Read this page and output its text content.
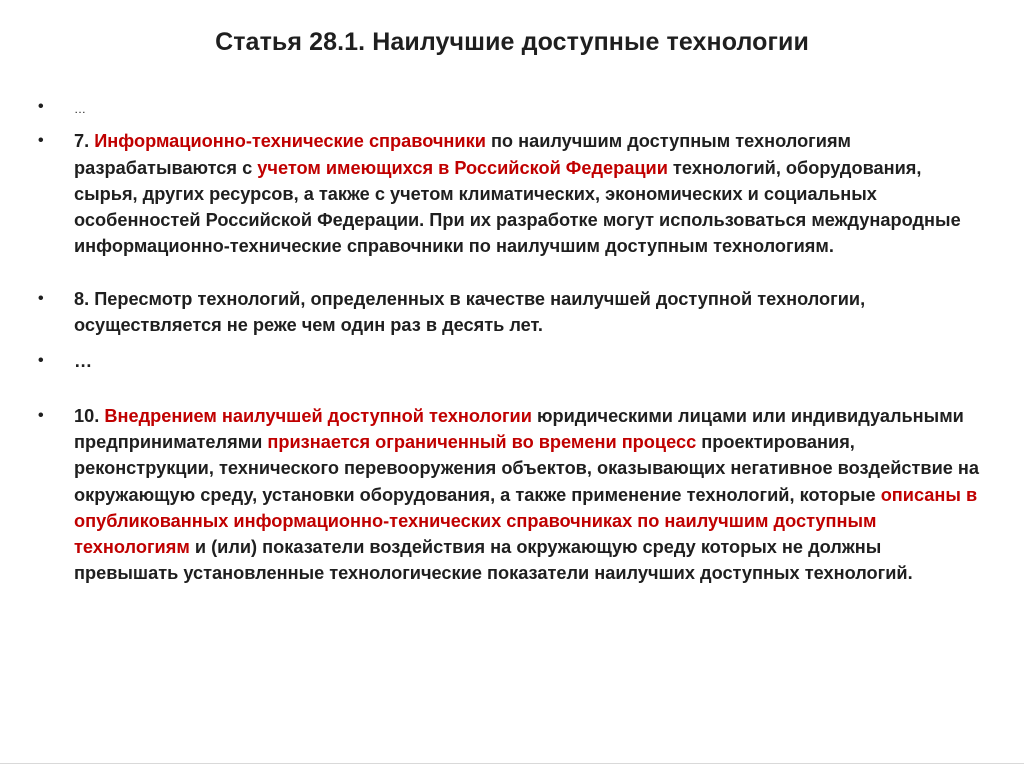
Статья 28.1. Наилучшие доступные технологии
•	…
• 7. Информационно-технические справочники по наилучшим доступным технологиям разрабатываются с учетом имеющихся в Российской Федерации технологий, оборудования, сырья, других ресурсов, а также с учетом климатических, экономических и социальных особенностей Российской Федерации. При их разработке могут использоваться международные информационно-технические справочники по наилучшим доступным технологиям.
• 8. Пересмотр технологий, определенных в качестве наилучшей доступной технологии, осуществляется не реже чем один раз в десять лет.
• …
• 10. Внедрением наилучшей доступной технологии юридическими лицами или индивидуальными предпринимателями признается ограниченный во времени процесс проектирования, реконструкции, технического перевооружения объектов, оказывающих негативное воздействие на окружающую среду, установки оборудования, а также применение технологий, которые описаны в опубликованных информационно-технических справочниках по наилучшим доступным технологиям и (или) показатели воздействия на окружающую среду которых не должны превышать установленные технологические показатели наилучших доступных технологий.
